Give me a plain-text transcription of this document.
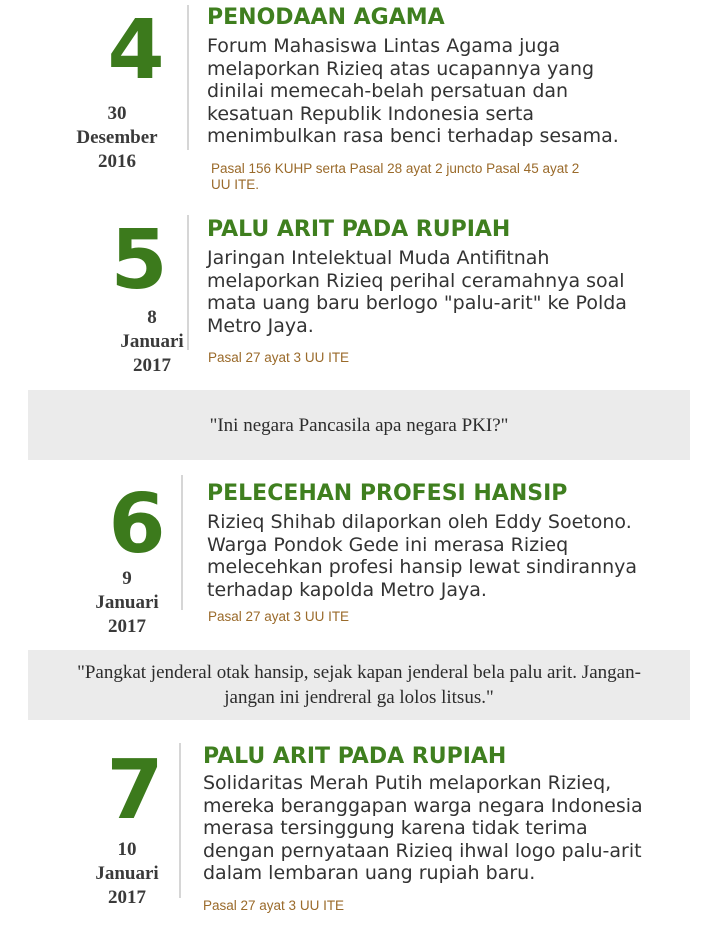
4
30
Desember
2016
PENODAAN AGAMA
Forum Mahasiswa Lintas Agama juga melaporkan Rizieq atas ucapannya yang dinilai memecah-belah persatuan dan kesatuan Republik Indonesia serta menimbulkan rasa benci terhadap sesama.
Pasal 156 KUHP serta Pasal 28 ayat 2 juncto Pasal 45 ayat 2 UU ITE.
5
8
Januari
2017
PALU ARIT PADA RUPIAH
Jaringan Intelektual Muda Antifitnah melaporkan Rizieq perihal ceramahnya soal mata uang baru berlogo "palu-arit" ke Polda Metro Jaya.
Pasal 27 ayat 3 UU ITE
"Ini negara Pancasila apa negara PKI?"
6
9
Januari
2017
PELECEHAN PROFESI HANSIP
Rizieq Shihab dilaporkan oleh Eddy Soetono. Warga Pondok Gede ini merasa Rizieq melecehkan profesi hansip lewat sindirannya terhadap kapolda Metro Jaya.
Pasal 27 ayat 3 UU ITE
"Pangkat jenderal otak hansip, sejak kapan jenderal bela palu arit. Jangan-jangan ini jendreral ga lolos litsus."
7
10
Januari
2017
PALU ARIT PADA RUPIAH
Solidaritas Merah Putih melaporkan Rizieq, mereka beranggapan warga negara Indonesia merasa tersinggung karena tidak terima dengan pernyataan Rizieq ihwal logo palu-arit dalam lembaran uang rupiah baru.
Pasal 27 ayat 3 UU ITE
